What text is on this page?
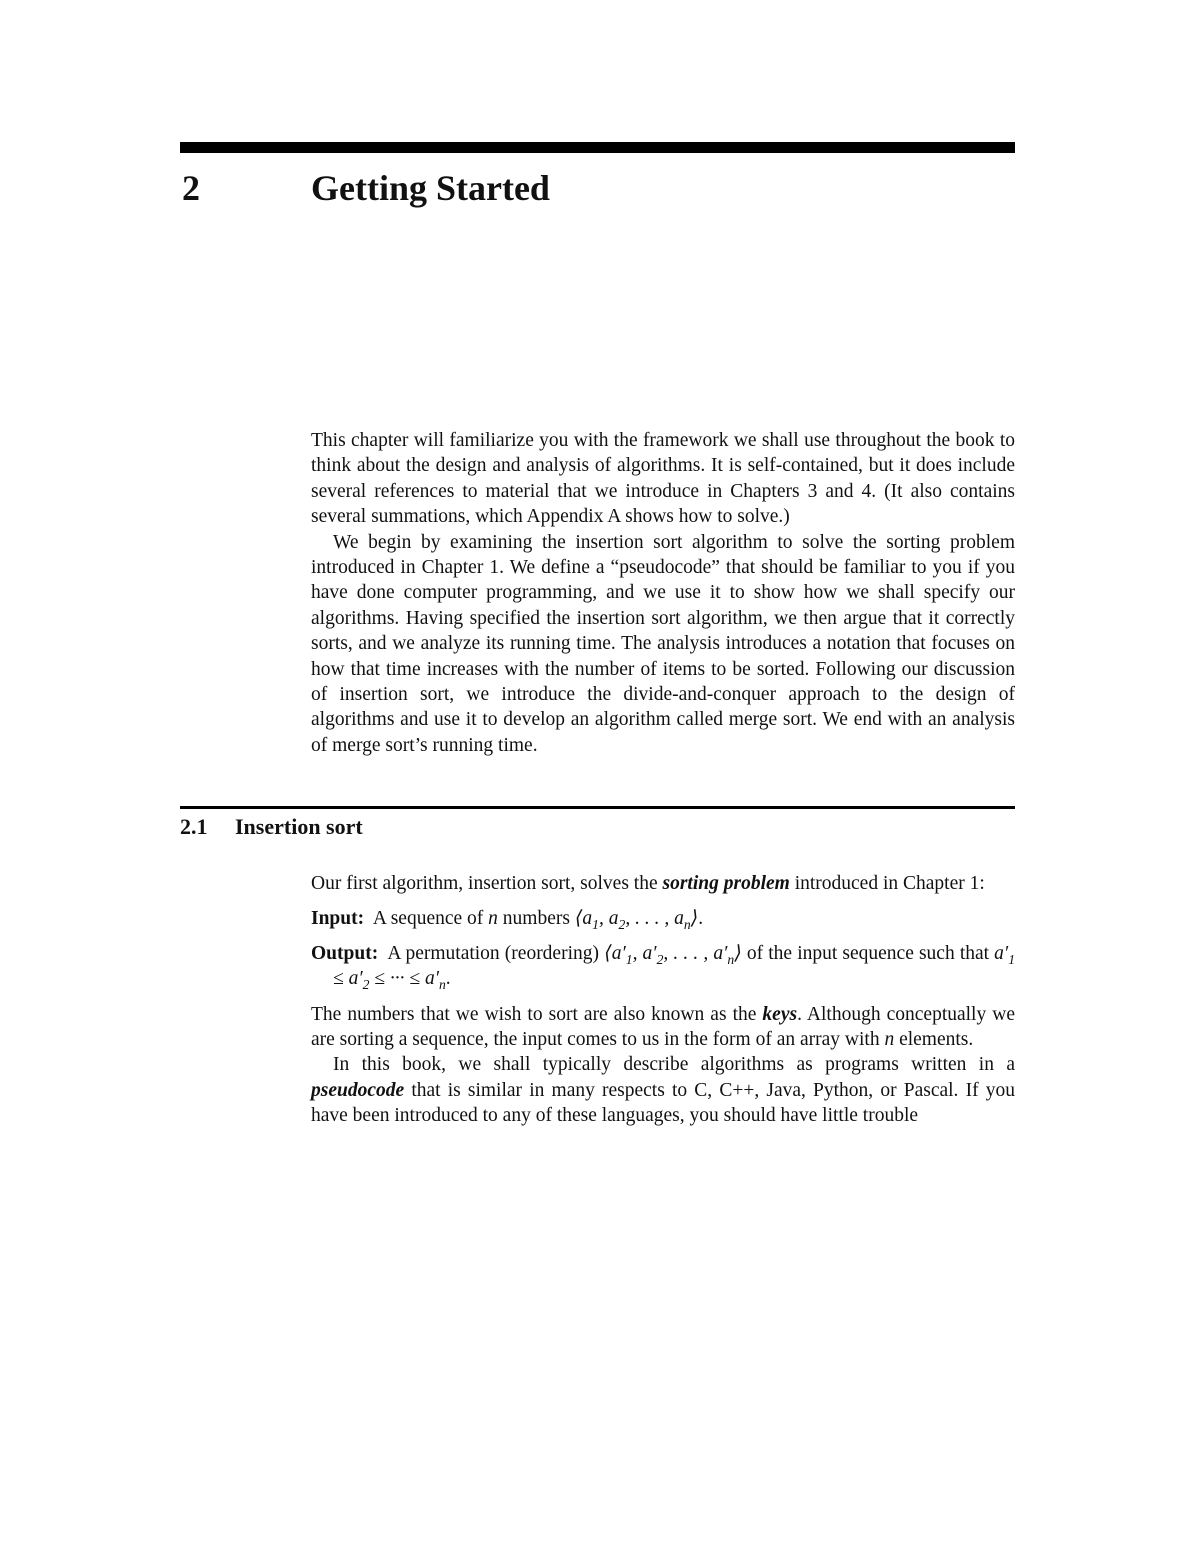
2	Getting Started

This chapter will familiarize you with the framework we shall use throughout the book to think about the design and analysis of algorithms. It is self-contained, but it does include several references to material that we introduce in Chapters 3 and 4. (It also contains several summations, which Appendix A shows how to solve.)

We begin by examining the insertion sort algorithm to solve the sorting problem introduced in Chapter 1. We define a “pseudocode” that should be familiar to you if you have done computer programming, and we use it to show how we shall specify our algorithms. Having specified the insertion sort algorithm, we then argue that it correctly sorts, and we analyze its running time. The analysis introduces a notation that focuses on how that time increases with the number of items to be sorted. Following our discussion of insertion sort, we introduce the divide-and-conquer approach to the design of algorithms and use it to develop an algorithm called merge sort. We end with an analysis of merge sort’s running time.

2.1 Insertion sort

Our first algorithm, insertion sort, solves the sorting problem introduced in Chapter 1:

Input: A sequence of n numbers $⟨a_1$, $a_2$, . . . , $a_n⟩$.

Output: A permutation (reordering) $⟨a'_1$, $a'_2$, . . . , $a'_n⟩$ of the input sequence such that $a'_1 \le a'_2$ ≤ ··· ≤ $a'_n$.

The numbers that we wish to sort are also known as the keys. Although conceptually we are sorting a sequence, the input comes to us in the form of an array with n elements.

In this book, we shall typically describe algorithms as programs written in a pseudocode that is similar in many respects to C, C++, Java, Python, or Pascal. If you have been introduced to any of these languages, you should have little trouble
